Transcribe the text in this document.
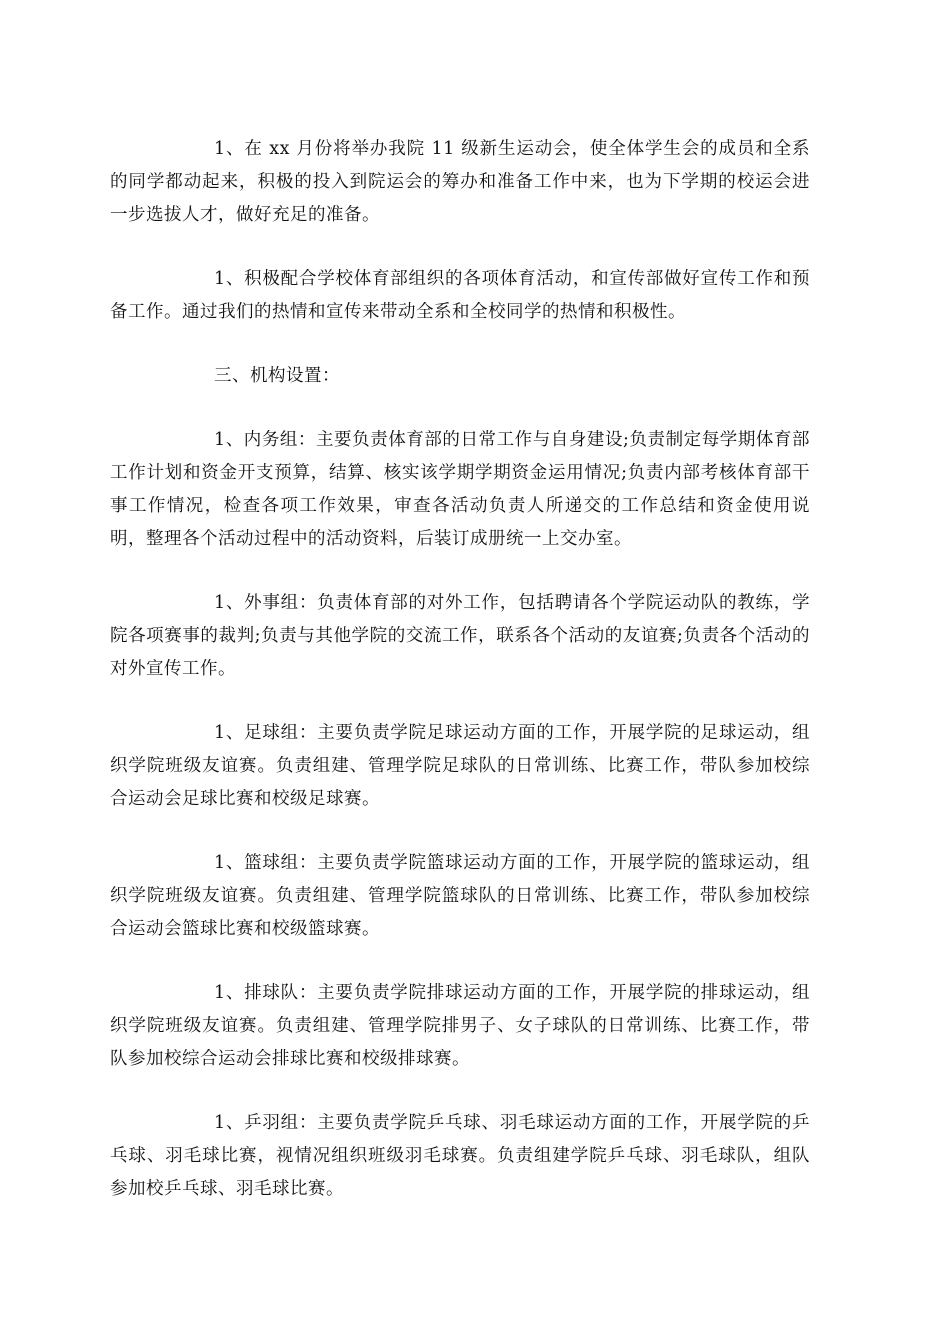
1、在 xx 月份将举办我院 11 级新生运动会，使全体学生会的成员和全系的同学都动起来，积极的投入到院运会的筹办和准备工作中来，也为下学期的校运会进一步选拔人才，做好充足的准备。

1、积极配合学校体育部组织的各项体育活动，和宣传部做好宣传工作和预备工作。通过我们的热情和宣传来带动全系和全校同学的热情和积极性。

三、机构设置：

1、内务组：主要负责体育部的日常工作与自身建设;负责制定每学期体育部工作计划和资金开支预算，结算、核实该学期学期资金运用情况;负责内部考核体育部干事工作情况，检查各项工作效果，审查各活动负责人所递交的工作总结和资金使用说明，整理各个活动过程中的活动资料，后装订成册统一上交办室。

1、外事组：负责体育部的对外工作，包括聘请各个学院运动队的教练，学院各项赛事的裁判;负责与其他学院的交流工作，联系各个活动的友谊赛;负责各个活动的对外宣传工作。

1、足球组：主要负责学院足球运动方面的工作，开展学院的足球运动，组织学院班级友谊赛。负责组建、管理学院足球队的日常训练、比赛工作，带队参加校综合运动会足球比赛和校级足球赛。

1、篮球组：主要负责学院篮球运动方面的工作，开展学院的篮球运动，组织学院班级友谊赛。负责组建、管理学院篮球队的日常训练、比赛工作，带队参加校综合运动会篮球比赛和校级篮球赛。

1、排球队：主要负责学院排球运动方面的工作，开展学院的排球运动，组织学院班级友谊赛。负责组建、管理学院排男子、女子球队的日常训练、比赛工作，带队参加校综合运动会排球比赛和校级排球赛。

1、乒羽组：主要负责学院乒乓球、羽毛球运动方面的工作，开展学院的乒乓球、羽毛球比赛，视情况组织班级羽毛球赛。负责组建学院乒乓球、羽毛球队，组队参加校乒乓球、羽毛球比赛。
